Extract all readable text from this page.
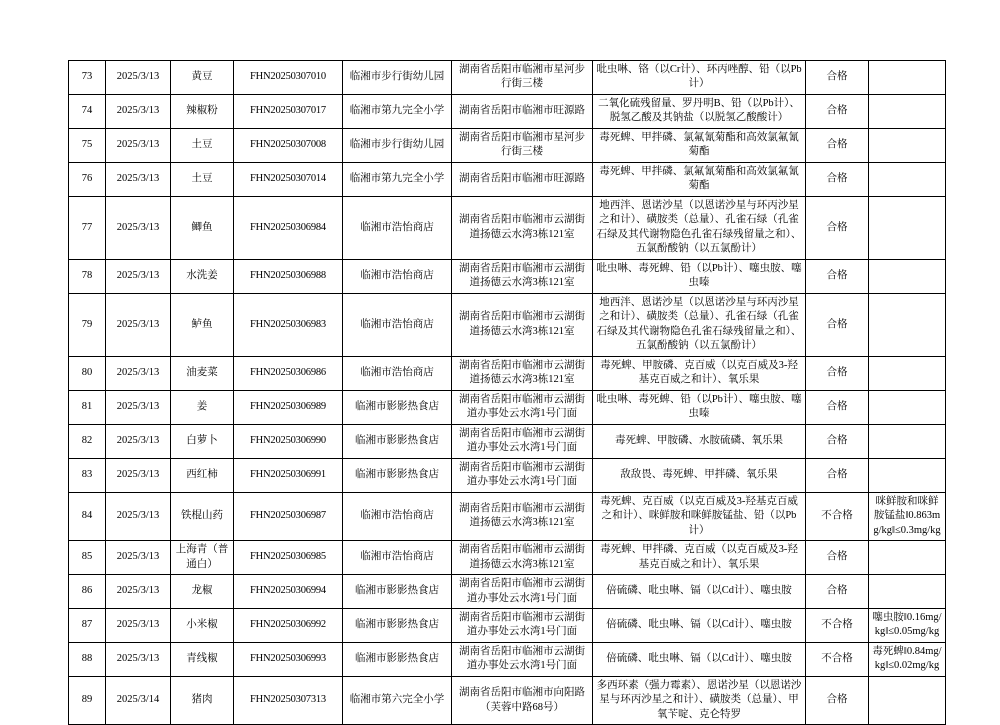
73	2025/3/13	黄豆	FHN20250307010	临湘市步行街幼儿园	湖南省岳阳市临湘市星河步行街三楼	吡虫啉、铬（以Cr计）、环丙唑醇、铅（以Pb计）	合格	
74	2025/3/13	辣椒粉	FHN20250307017	临湘市第九完全小学	湖南省岳阳市临湘市旺源路	二氧化硫残留量、罗丹明B、铅（以Pb计）、脱氢乙酸及其钠盐（以脱氢乙酸酸计）	合格	
75	2025/3/13	土豆	FHN20250307008	临湘市步行街幼儿园	湖南省岳阳市临湘市星河步行街三楼	毒死蜱、甲拌磷、氯氟氰菊酯和高效氯氟氰菊酯	合格	
76	2025/3/13	土豆	FHN20250307014	临湘市第九完全小学	湖南省岳阳市临湘市旺源路	毒死蜱、甲拌磷、氯氟氰菊酯和高效氯氟氰菊酯	合格	
77	2025/3/13	鲫鱼	FHN20250306984	临湘市浩怡商店	湖南省岳阳市临湘市云湖街道扬德云水湾3栋121室	地西泮、恩诺沙星（以恩诺沙星与环丙沙星之和计）、磺胺类（总量）、孔雀石绿（孔雀石绿及其代谢物隐色孔雀石绿残留量之和）、五氯酚酸钠（以五氯酚计）	合格	
78	2025/3/13	水洗姜	FHN20250306988	临湘市浩怡商店	湖南省岳阳市临湘市云湖街道扬德云水湾3栋121室	吡虫啉、毒死蜱、铅（以Pb计）、噻虫胺、噻虫嗪	合格	
79	2025/3/13	鲈鱼	FHN20250306983	临湘市浩怡商店	湖南省岳阳市临湘市云湖街道扬德云水湾3栋121室	地西泮、恩诺沙星（以恩诺沙星与环丙沙星之和计）、磺胺类（总量）、孔雀石绿（孔雀石绿及其代谢物隐色孔雀石绿残留量之和）、五氯酚酸钠（以五氯酚计）	合格	
80	2025/3/13	油麦菜	FHN20250306986	临湘市浩怡商店	湖南省岳阳市临湘市云湖街道扬德云水湾3栋121室	毒死蜱、甲胺磷、克百威（以克百威及3-羟基克百威之和计）、氧乐果	合格	
81	2025/3/13	姜	FHN20250306989	临湘市影影热食店	湖南省岳阳市临湘市云湖街道办事处云水湾1号门面	吡虫啉、毒死蜱、铅（以Pb计）、噻虫胺、噻虫嗪	合格	
82	2025/3/13	白萝卜	FHN20250306990	临湘市影影热食店	湖南省岳阳市临湘市云湖街道办事处云水湾1号门面	毒死蜱、甲胺磷、水胺硫磷、氧乐果	合格	
83	2025/3/13	西红柿	FHN20250306991	临湘市影影热食店	湖南省岳阳市临湘市云湖街道办事处云水湾1号门面	敌敌畏、毒死蜱、甲拌磷、氧乐果	合格	
84	2025/3/13	铁棍山药	FHN20250306987	临湘市浩怡商店	湖南省岳阳市临湘市云湖街道扬德云水湾3栋121室	毒死蜱、克百威（以克百威及3-羟基克百威之和计）、咪鲜胺和咪鲜胺锰盐、铅（以Pb计）	不合格	咪鲜胺和咪鲜胺锰盐‖0.863mg/kg‖≤0.3mg/kg
85	2025/3/13	上海青（普通白）	FHN20250306985	临湘市浩怡商店	湖南省岳阳市临湘市云湖街道扬德云水湾3栋121室	毒死蜱、甲拌磷、克百威（以克百威及3-羟基克百威之和计）、氧乐果	合格	
86	2025/3/13	龙椒	FHN20250306994	临湘市影影热食店	湖南省岳阳市临湘市云湖街道办事处云水湾1号门面	倍硫磷、吡虫啉、镉（以Cd计）、噻虫胺	合格	
87	2025/3/13	小米椒	FHN20250306992	临湘市影影热食店	湖南省岳阳市临湘市云湖街道办事处云水湾1号门面	倍硫磷、吡虫啉、镉（以Cd计）、噻虫胺	不合格	噻虫胺‖0.16mg/kg‖≤0.05mg/kg
88	2025/3/13	青线椒	FHN20250306993	临湘市影影热食店	湖南省岳阳市临湘市云湖街道办事处云水湾1号门面	倍硫磷、吡虫啉、镉（以Cd计）、噻虫胺	不合格	毒死蜱‖0.84mg/kg‖≤0.02mg/kg
89	2025/3/14	猪肉	FHN20250307313	临湘市第六完全小学	湖南省岳阳市临湘市向阳路（芙蓉中路68号）	多西环素（强力霉素）、恩诺沙星（以恩诺沙星与环丙沙星之和计）、磺胺类（总量）、甲氧苄啶、克仑特罗	合格	
